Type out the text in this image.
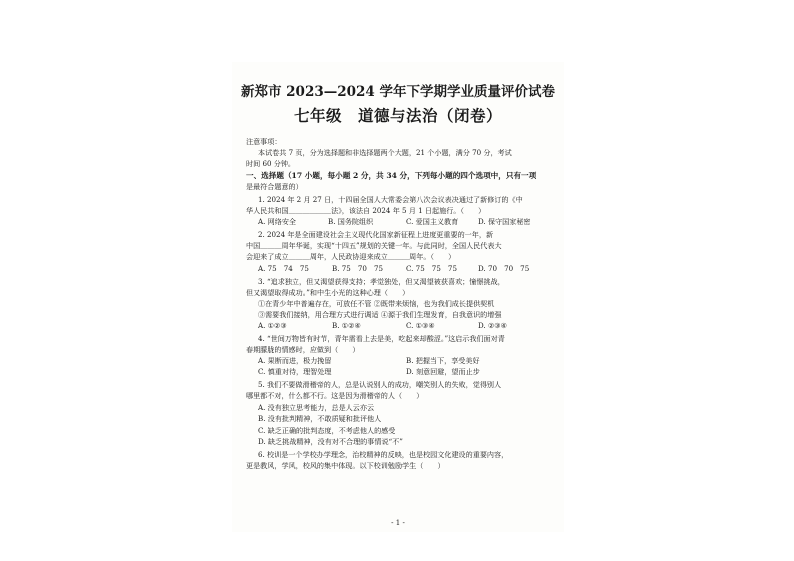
新郑市 2023—2024 学年下学期学业质量评价试卷
七年级　道德与法治（闭卷）
注意事项：
本试卷共 7 页，分为选择题和非选择题两个大题，21 个小题，满分 70 分，考试
时间 60 分钟。
一、选择题（17 小题，每小题 2 分，共 34 分，下列每小题的四个选项中，只有一项
是最符合题意的）
1. 2024 年 2 月 27 日，十四届全国人大常委会第八次会议表决通过了新修订的《中
华人民共和国＿＿＿＿＿＿法》，该法自 2024 年 5 月 1 日起施行。（　　）
A. 网络安全	B. 国务院组织	C. 爱国主义教育	D. 保守国家秘密
2. 2024 年是全面建设社会主义现代化国家新征程上进度更重要的一年，新
中国＿＿＿周年华诞，实现“十四五”规划的关键一年。与此同时，全国人民代表大
会迎来了成立＿＿＿周年，人民政协迎来成立＿＿＿周年。（　　）
A. 75　74　75	B. 75　70　75	C. 75　75　75	D. 70　70　75
3. “追求独立，但又渴望获得支持；孝觉独处，但又渴望被获喜欢；憧憬挑战，
但又渴望取得成功。”和中生小光的这种心理（　　）
①在青少年中普遍存在，可放任不管 ②既带来烦恼，也为我们成长提供契机
③需要我们接纳，用合理方式进行调适 ④源于我们生理发育，自我意识的增强
A. ①②③	B. ①②④	C. ①③④	D. ②③④
4. “世间万物皆有时节，青年需看上去是美，吃起来却酸涩。”这启示我们面对青
春期朦胧的情感时，应做到（　　）
A. 果断而进，极力挽留	B. 把握当下，享受美好
C. 慎重对待，理智处理	D. 刻意回避，望而止步
5. 我们不要做滑稽帝的人，总是认说别人的成功，嘲笑别人的失败，觉得别人
哪里都不对，什么都不行。这是因为滑稽帝的人（　　）
A. 没有独立思考能力，总是人云亦云
B. 没有批判精神，不敢质疑和批评他人
C. 缺乏正确的批判态度，不考虑他人的感受
D. 缺乏挑战精神，没有对不合理的事情说“不”
6. 校训是一个学校办学理念，治校精神的反映，也是校园文化建设的重要内容，
更是教风，学风，校风的集中体现。以下校训勉励学生（　　）
- 1 -
